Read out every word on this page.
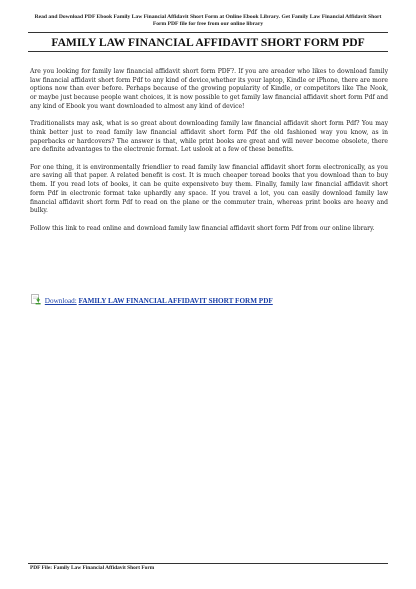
Read and Download PDF Ebook Family Law Financial Affidavit Short Form at Online Ebook Library. Get Family Law Financial Affidavit Short Form PDF file for free from our online library
FAMILY LAW FINANCIAL AFFIDAVIT SHORT FORM PDF

Are you looking for family law financial affidavit short form PDF?. If you are areader who likes to download family law financial affidavit short form Pdf to any kind of device,whether its your laptop, Kindle or iPhone, there are more options now than ever before. Perhaps because of the growing popularity of Kindle, or competitors like The Nook, or maybe just because people want choices, it is now possible to get family law financial affidavit short form Pdf and any kind of Ebook you want downloaded to almost any kind of device!

Traditionalists may ask, what is so great about downloading family law financial affidavit short form Pdf? You may think better just to read family law financial affidavit short form Pdf the old fashioned way you know, as in paperbacks or hardcovers? The answer is that, while print books are great and will never become obsolete, there are definite advantages to the electronic format. Let uslook at a few of these benefits.

For one thing, it is environmentally friendlier to read family law financial affidavit short form electronically, as you are saving all that paper. A related benefit is cost. It is much cheaper toread books that you download than to buy them. If you read lots of books, it can be quite expensiveto buy them. Finally, family law financial affidavit short form Pdf in electronic format take uphardly any space. If you travel a lot, you can easily download family law financial affidavit short form Pdf to read on the plane or the commuter train, whereas print books are heavy and bulky.

Follow this link to read online and download family law financial affidavit short form Pdf from our online library.

Download: FAMILY LAW FINANCIAL AFFIDAVIT SHORT FORM PDF
PDF File: Family Law Financial Affidavit Short Form
